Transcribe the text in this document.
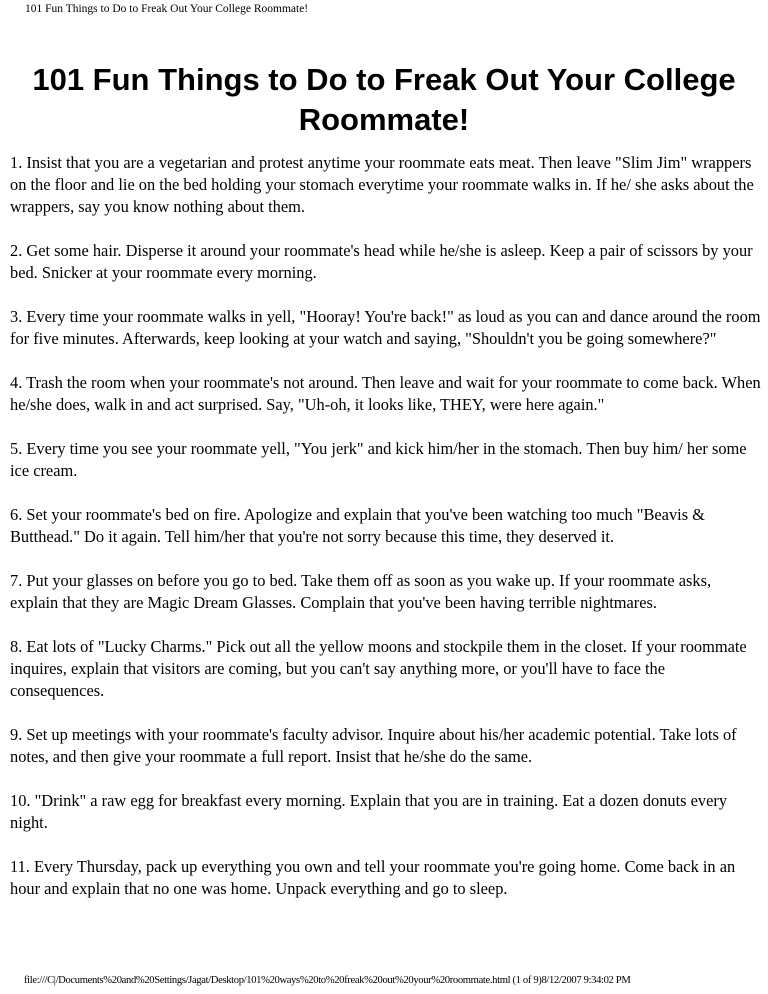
101 Fun Things to Do to Freak Out Your College Roommate!
101 Fun Things to Do to Freak Out Your College Roommate!

1. Insist that you are a vegetarian and protest anytime your roommate eats meat. Then leave "Slim Jim" wrappers on the floor and lie on the bed holding your stomach everytime your roommate walks in. If he/ she asks about the wrappers, say you know nothing about them.

2. Get some hair. Disperse it around your roommate's head while he/she is asleep. Keep a pair of scissors by your bed. Snicker at your roommate every morning.

3. Every time your roommate walks in yell, "Hooray! You're back!" as loud as you can and dance around the room for five minutes. Afterwards, keep looking at your watch and saying, "Shouldn't you be going somewhere?"

4. Trash the room when your roommate's not around. Then leave and wait for your roommate to come back. When he/she does, walk in and act surprised. Say, "Uh-oh, it looks like, THEY, were here again."

5. Every time you see your roommate yell, "You jerk" and kick him/her in the stomach. Then buy him/ her some ice cream.

6. Set your roommate's bed on fire. Apologize and explain that you've been watching too much "Beavis & Butthead." Do it again. Tell him/her that you're not sorry because this time, they deserved it.

7. Put your glasses on before you go to bed. Take them off as soon as you wake up. If your roommate asks, explain that they are Magic Dream Glasses. Complain that you've been having terrible nightmares.

8. Eat lots of "Lucky Charms." Pick out all the yellow moons and stockpile them in the closet. If your roommate inquires, explain that visitors are coming, but you can't say anything more, or you'll have to face the consequences.

9. Set up meetings with your roommate's faculty advisor. Inquire about his/her academic potential. Take lots of notes, and then give your roommate a full report. Insist that he/she do the same.

10. "Drink" a raw egg for breakfast every morning. Explain that you are in training. Eat a dozen donuts every night.

11. Every Thursday, pack up everything you own and tell your roommate you're going home. Come back in an hour and explain that no one was home. Unpack everything and go to sleep.

file:///C|/Documents%20and%20Settings/Jagat/Desktop/101%20ways%20to%20freak%20out%20your%20roommate.html (1 of 9)8/12/2007 9:34:02 PM
